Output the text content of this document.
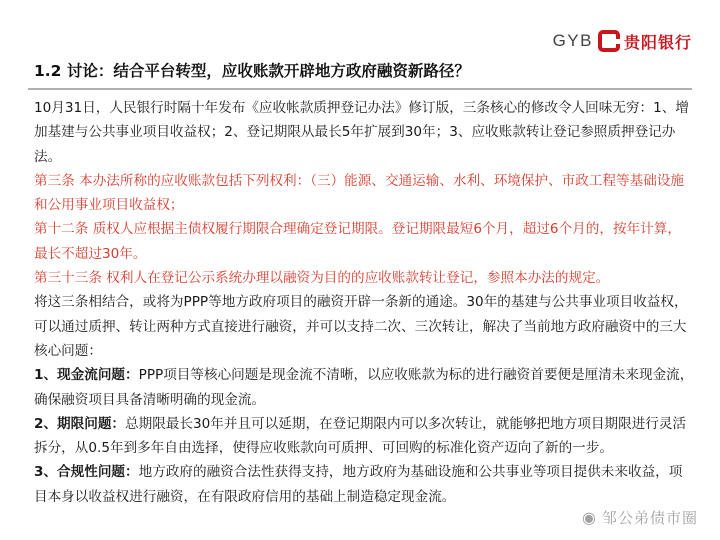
GYB 贵阳银行
1.2 讨论：结合平台转型，应收账款开辟地方政府融资新路径？

10月31日，人民银行时隔十年发布《应收帐款质押登记办法》修订版，三条核心的修改令人回味无穷：1、增加基建与公共事业项目收益权；2、登记期限从最长5年扩展到30年；3、应收账款转让登记参照质押登记办法。

第三条 本办法所称的应收账款包括下列权利：（三）能源、交通运输、水利、环境保护、市政工程等基础设施和公用事业项目收益权；

第十二条 质权人应根据主债权履行期限合理确定登记期限。登记期限最短6个月，超过6个月的，按年计算，最长不超过30年。

第三十三条 权利人在登记公示系统办理以融资为目的的应收账款转让登记，参照本办法的规定。

将这三条相结合，或将为PPP等地方政府项目的融资开辟一条新的通途。30年的基建与公共事业项目收益权，可以通过质押、转让两种方式直接进行融资，并可以支持二次、三次转让，解决了当前地方政府融资中的三大核心问题：

1、现金流问题：PPP项目等核心问题是现金流不清晰，以应收账款为标的进行融资首要便是厘清未来现金流，确保融资项目具备清晰明确的现金流。

2、期限问题：总期限最长30年并且可以延期，在登记期限内可以多次转让，就能够把地方项目期限进行灵活拆分，从0.5年到多年自由选择，使得应收账款向可质押、可回购的标准化资产迈向了新的一步。

3、合规性问题：地方政府的融资合法性获得支持，地方政府为基础设施和公共事业等项目提供未来收益，项目本身以收益权进行融资，在有限政府信用的基础上制造稳定现金流。

◉ 邹公弟债市圈
